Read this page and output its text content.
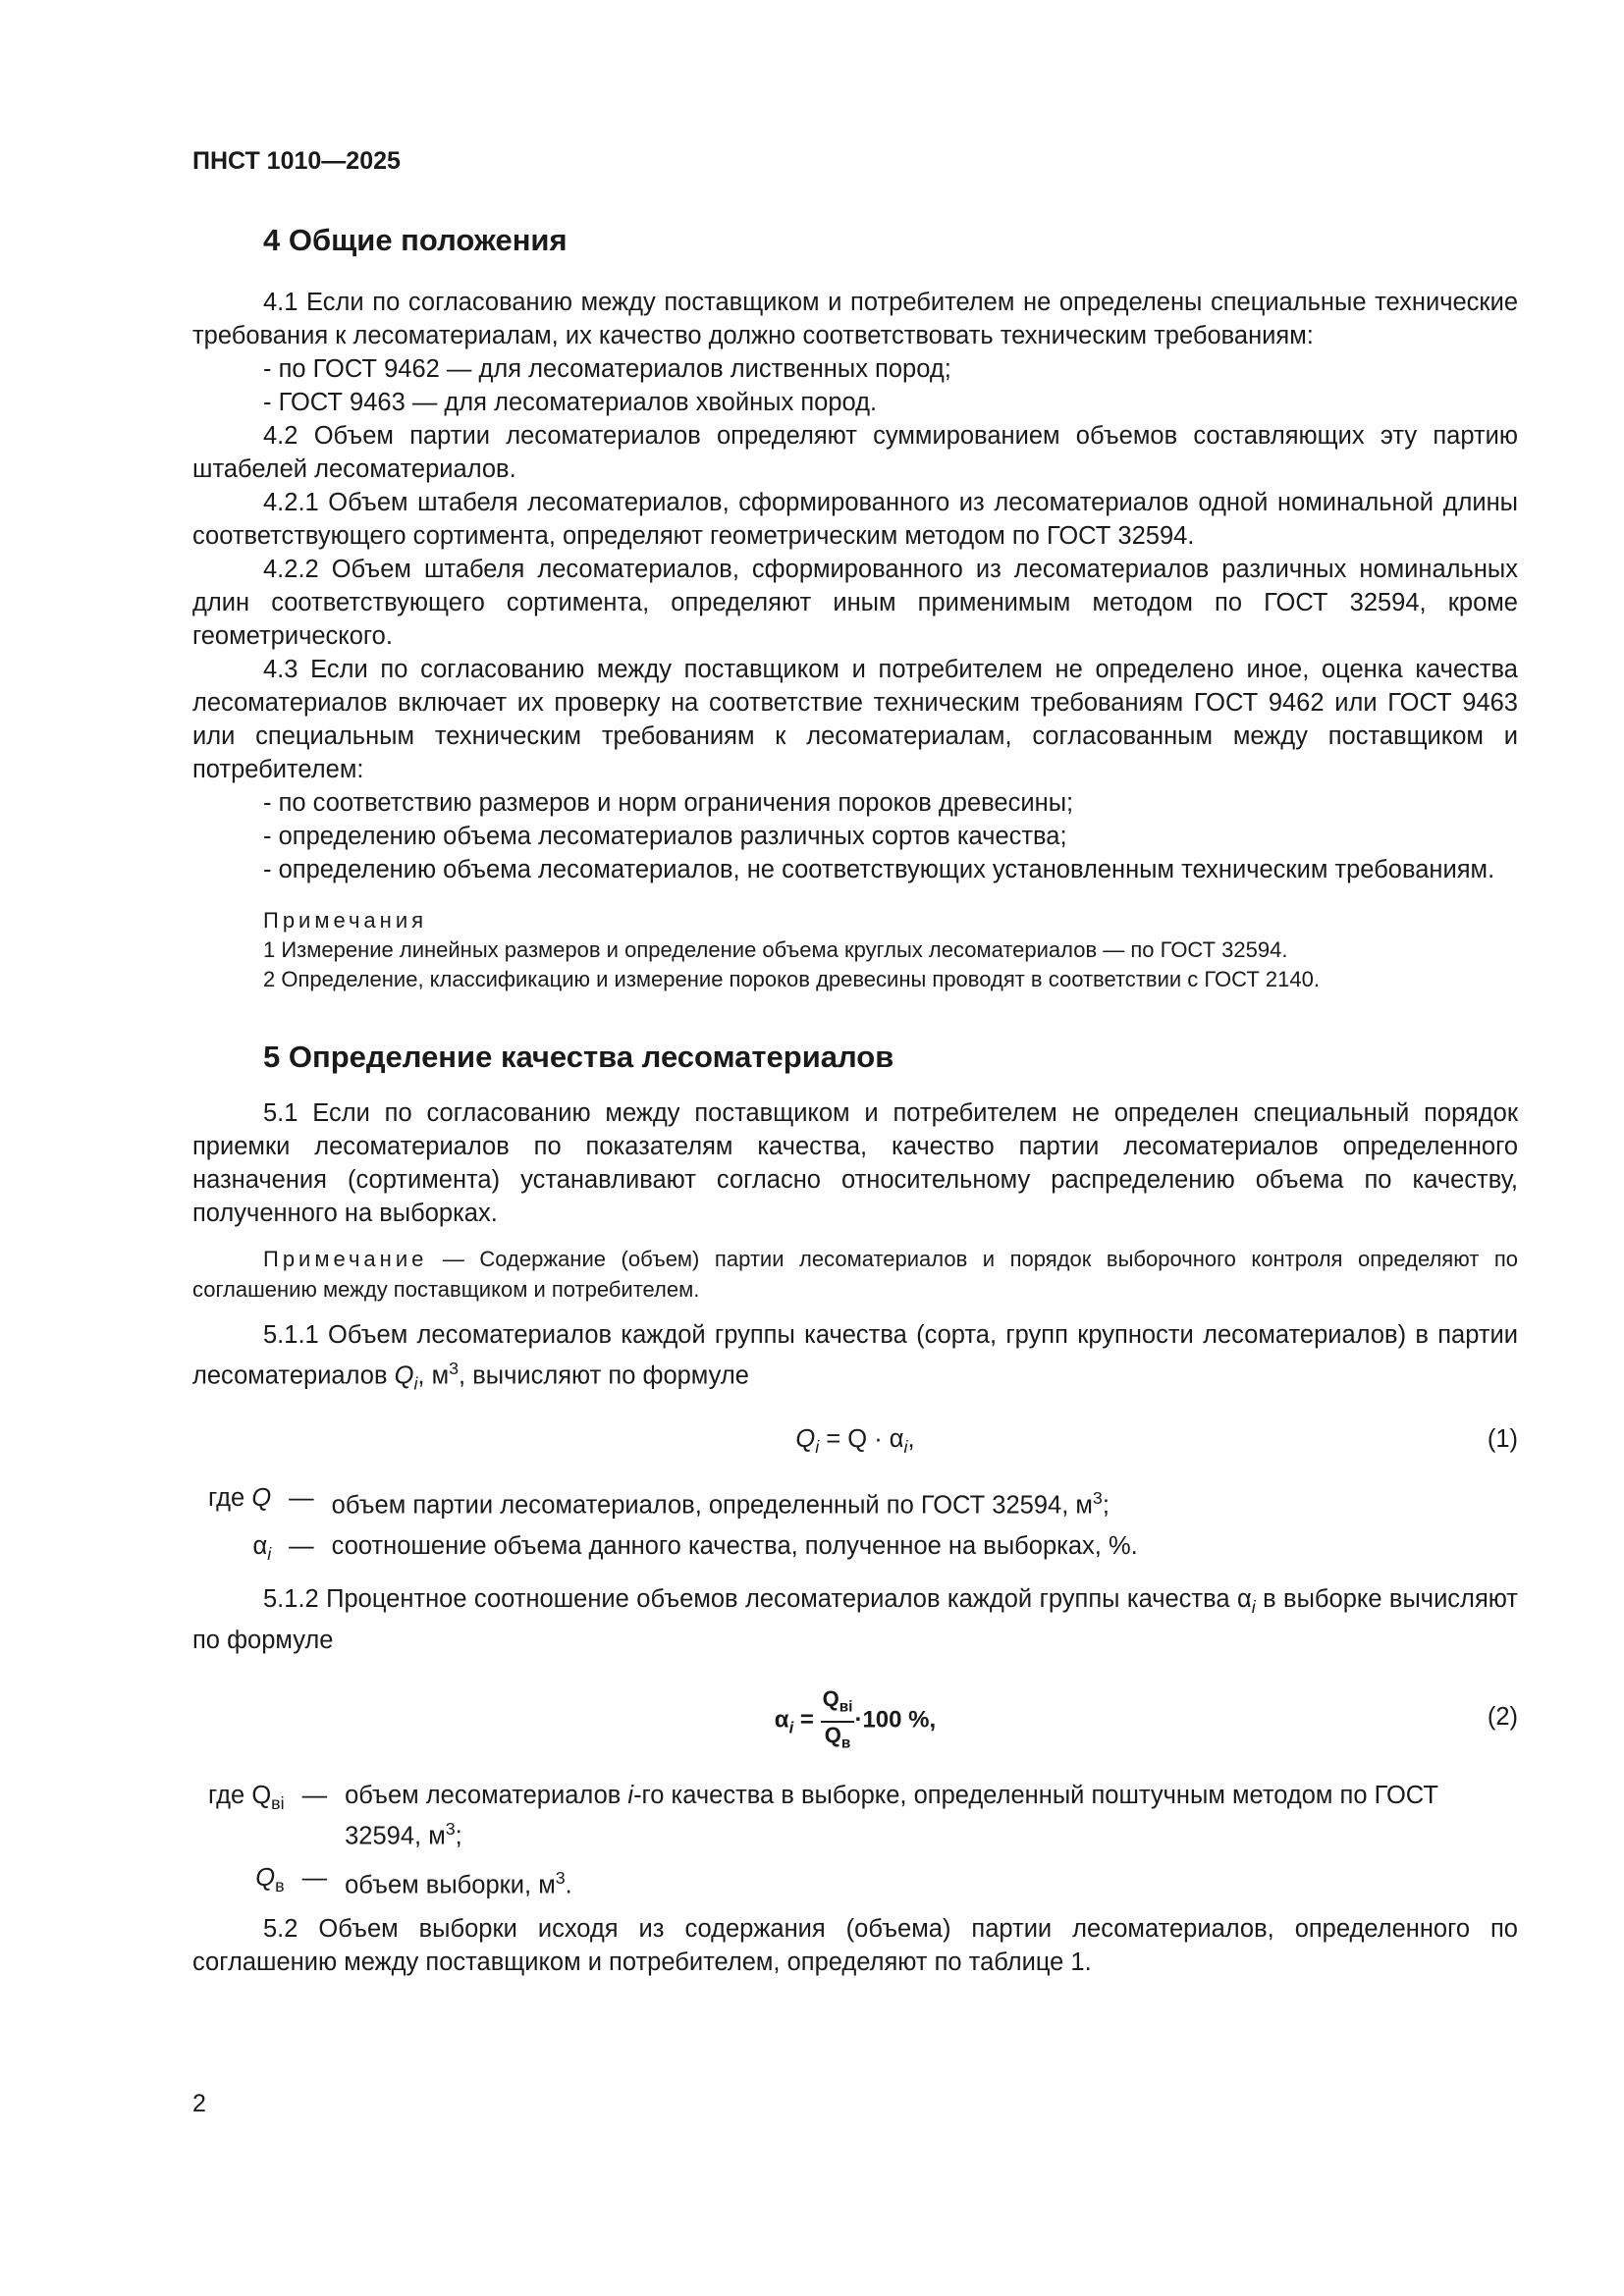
ПНСТ 1010—2025

4 Общие положения

4.1 Если по согласованию между поставщиком и потребителем не определены специальные технические требования к лесоматериалам, их качество должно соответствовать техническим требованиям:

- по ГОСТ 9462 — для лесоматериалов лиственных пород;

- ГОСТ 9463 — для лесоматериалов хвойных пород.

4.2 Объем партии лесоматериалов определяют суммированием объемов составляющих эту партию штабелей лесоматериалов.

4.2.1 Объем штабеля лесоматериалов, сформированного из лесоматериалов одной номинальной длины соответствующего сортимента, определяют геометрическим методом по ГОСТ 32594.

4.2.2 Объем штабеля лесоматериалов, сформированного из лесоматериалов различных номинальных длин соответствующего сортимента, определяют иным применимым методом по ГОСТ 32594, кроме геометрического.

4.3 Если по согласованию между поставщиком и потребителем не определено иное, оценка качества лесоматериалов включает их проверку на соответствие техническим требованиям ГОСТ 9462 или ГОСТ 9463 или специальным техническим требованиям к лесоматериалам, согласованным между поставщиком и потребителем:

- по соответствию размеров и норм ограничения пороков древесины;

- определению объема лесоматериалов различных сортов качества;

- определению объема лесоматериалов, не соответствующих установленным техническим требованиям.

Примечания

1 Измерение линейных размеров и определение объема круглых лесоматериалов — по ГОСТ 32594.

2 Определение, классификацию и измерение пороков древесины проводят в соответствии с ГОСТ 2140.

5 Определение качества лесоматериалов

5.1 Если по согласованию между поставщиком и потребителем не определен специальный порядок приемки лесоматериалов по показателям качества, качество партии лесоматериалов определенного назначения (сортимента) устанавливают согласно относительному распределению объема по качеству, полученного на выборках.

Примечание — Содержание (объем) партии лесоматериалов и порядок выборочного контроля определяют по соглашению между поставщиком и потребителем.

5.1.1 Объем лесоматериалов каждой группы качества (сорта, групп крупности лесоматериалов) в партии лесоматериалов $Q_i$, $м^3$, вычисляют по формуле

$Q_i = Q \cdot \alpha_i$,	(1)
где Q — объем партии лесоматериалов, определенный по ГОСТ 32594, $м^3$;
$\alpha_i$ — соотношение объема данного качества, полученное на выборках, %.

5.1.2 Процентное соотношение объемов лесоматериалов каждой группы качества $\alpha_i$ в выборке вычисляют по формуле

$\alpha_i = \frac{Q_{вi}}{Q_в} \cdot 100$ %,	(2)
где $Q_{вi}$ — объем лесоматериалов i-го качества в выборке, определенный поштучным методом по ГОСТ 32594, $м^3$;
$Q_в$ — объем выборки, $м^3$.

5.2 Объем выборки исходя из содержания (объема) партии лесоматериалов, определенного по соглашению между поставщиком и потребителем, определяют по таблице 1.

2
